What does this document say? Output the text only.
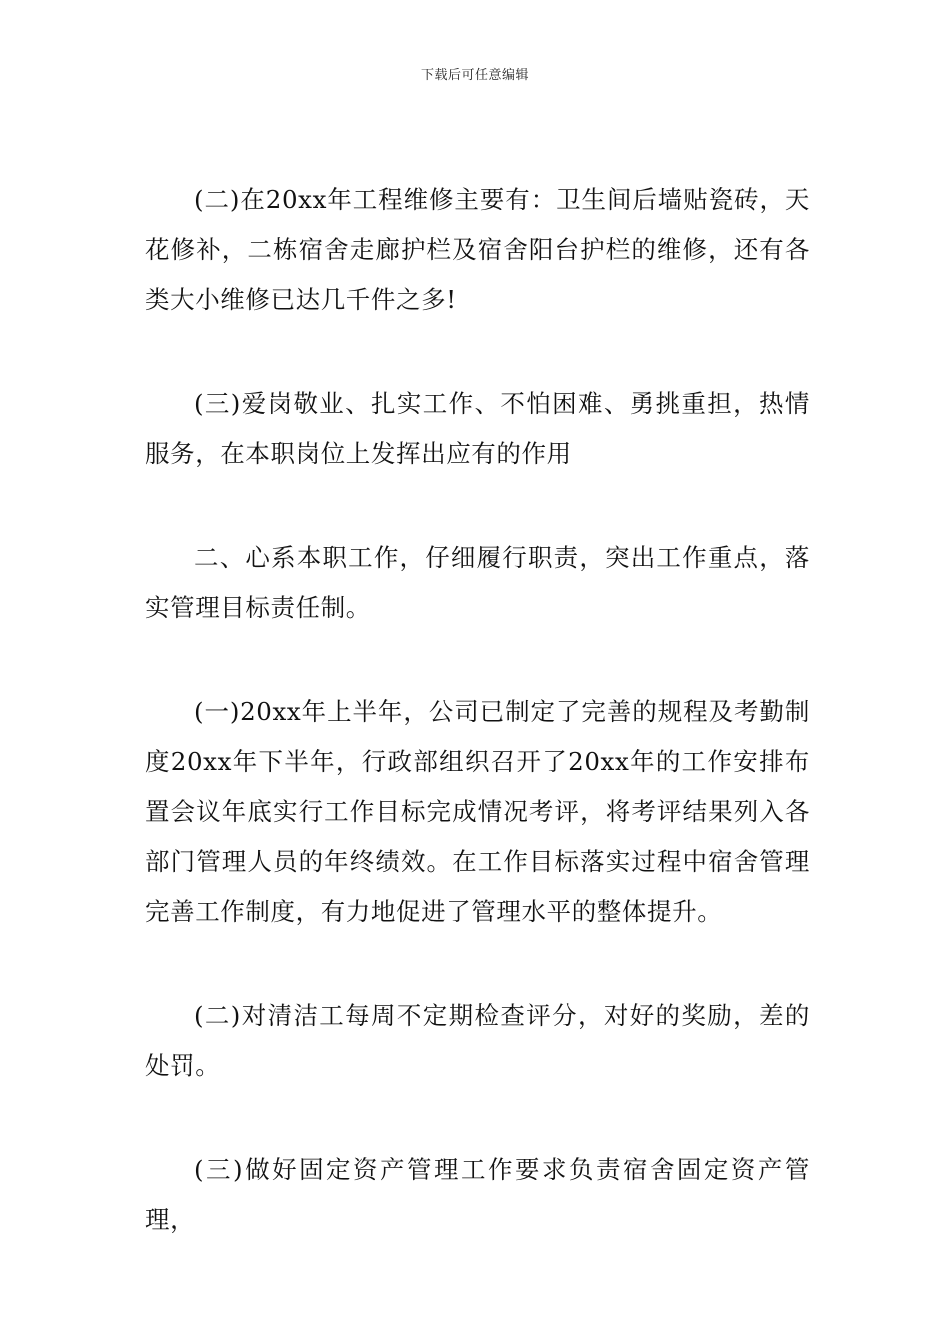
下载后可任意编辑

(二)在20xx年工程维修主要有：卫生间后墙贴瓷砖，天花修补，二栋宿舍走廊护栏及宿舍阳台护栏的维修，还有各类大小维修已达几千件之多!

(三)爱岗敬业、扎实工作、不怕困难、勇挑重担，热情服务，在本职岗位上发挥出应有的作用

二、心系本职工作，仔细履行职责，突出工作重点，落实管理目标责任制。

(一)20xx年上半年，公司已制定了完善的规程及考勤制度20xx年下半年，行政部组织召开了20xx年的工作安排布置会议年底实行工作目标完成情况考评，将考评结果列入各部门管理人员的年终绩效。在工作目标落实过程中宿舍管理完善工作制度，有力地促进了管理水平的整体提升。

(二)对清洁工每周不定期检查评分，对好的奖励，差的处罚。

(三)做好固定资产管理工作要求负责宿舍固定资产管理，
